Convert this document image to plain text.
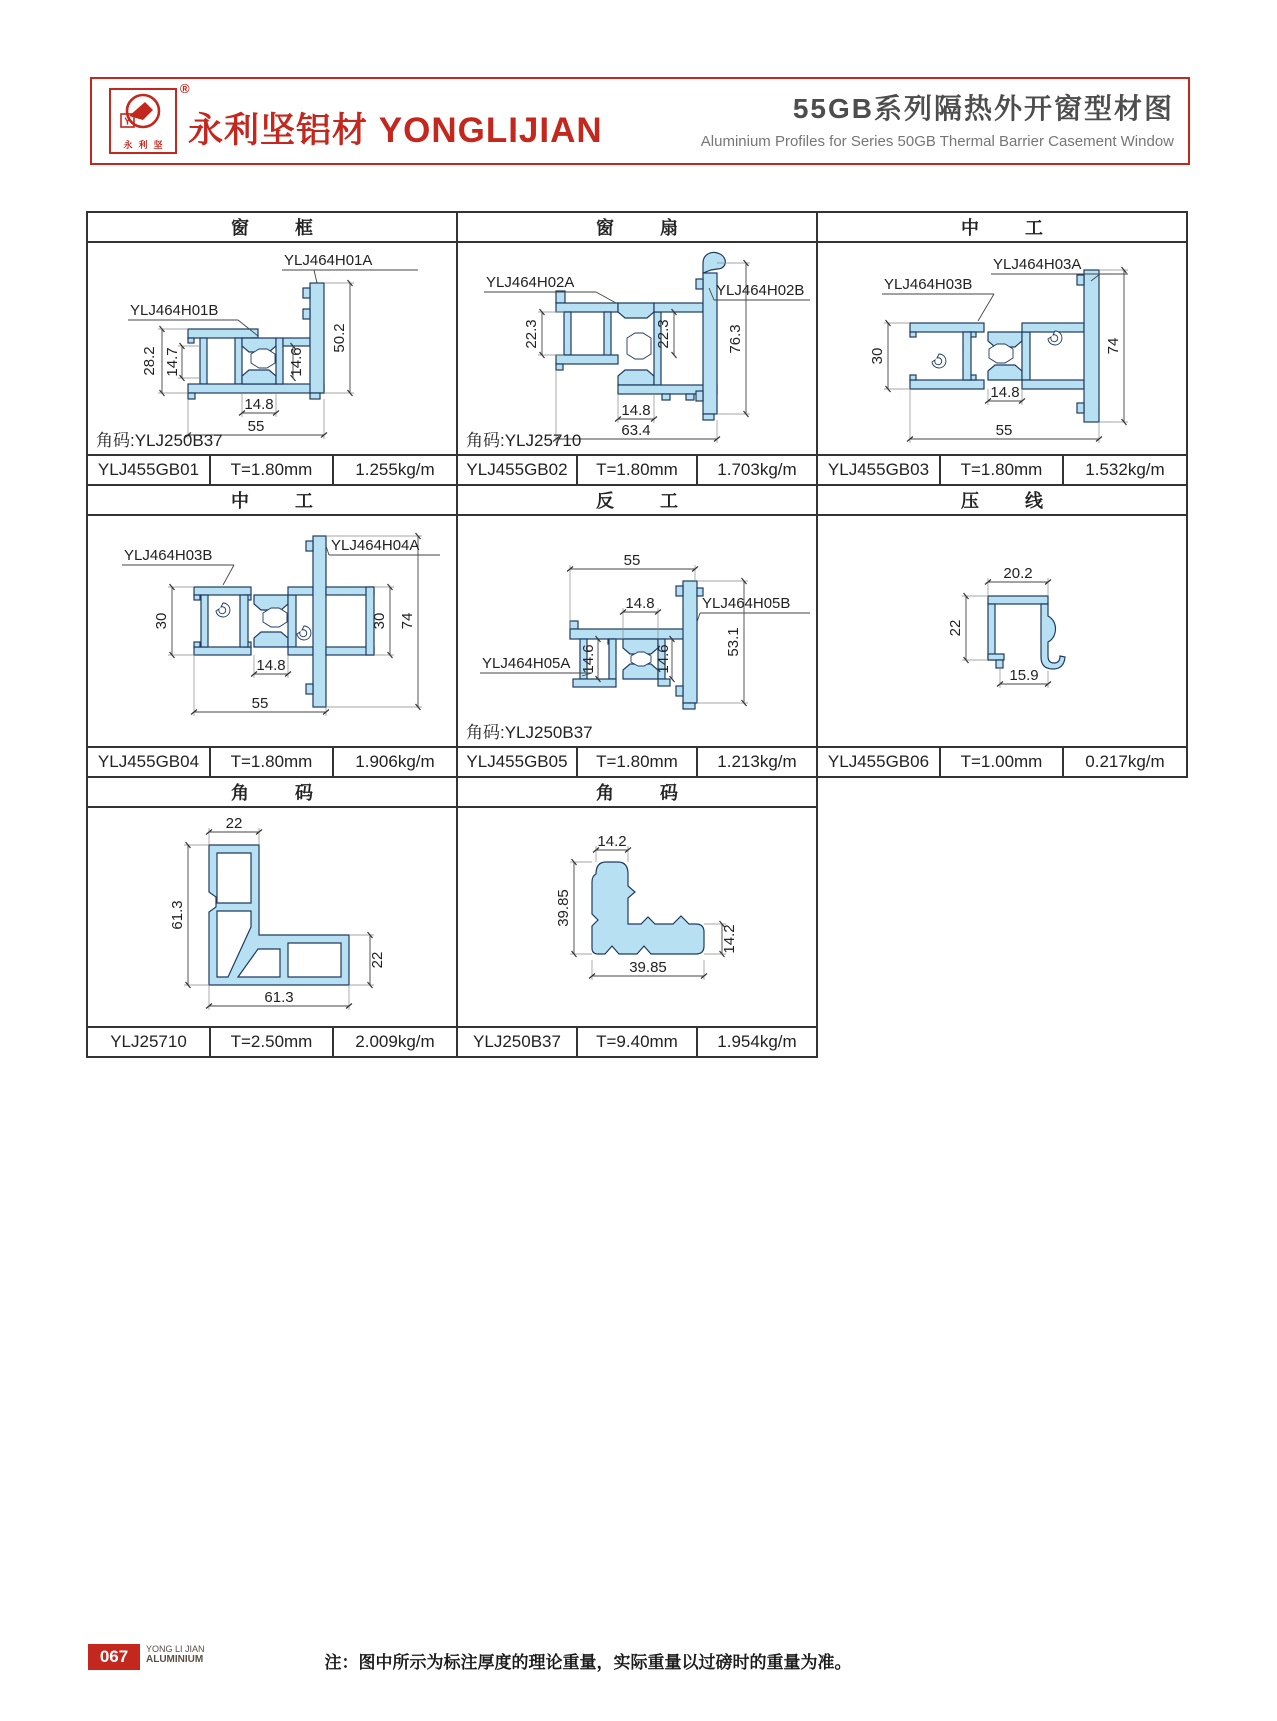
Y
永利坚
®
永利坚铝材 YONGLIJIAN
55GB系列隔热外开窗型材图
Aluminium Profiles for Series 50GB Thermal Barrier Casement Window
窗　框	窗　扇	中　工
28.2 14.7	14.6
50.2
14.8
55
YLJ464H01A
YLJ464H01B
角码:YLJ250B37
22.3	22.3	76.3
14.8
63.4
YLJ464H02A	YLJ464H02B
角码:YLJ25710
30
74
14.8
55
YLJ464H03A
YLJ464H03B
YLJ455GB01	T=1.80mm	1.255kg/m	YLJ455GB02	T=1.80mm	1.703kg/m	YLJ455GB03	T=1.80mm	1.532kg/m
中　工	反　工	压　线
30	30 74
14.8
55
YLJ464H03B
YLJ464H04A
55
14.8
14.6	14.6
53.1
YLJ464H05A
YLJ464H05B
角码:YLJ250B37
20.2
22
15.9
YLJ455GB04	T=1.80mm	1.906kg/m	YLJ455GB05	T=1.80mm	1.213kg/m	YLJ455GB06	T=1.00mm	0.217kg/m
角　码	角　码
22
61.3
22
61.3
14.2
39.85
14.2
39.85
YLJ25710	T=2.50mm	2.009kg/m	YLJ250B37	T=9.40mm	1.954kg/m
067	YONG LI JIAN
ALUMINIUM	注：图中所示为标注厚度的理论重量，实际重量以过磅时的重量为准。
